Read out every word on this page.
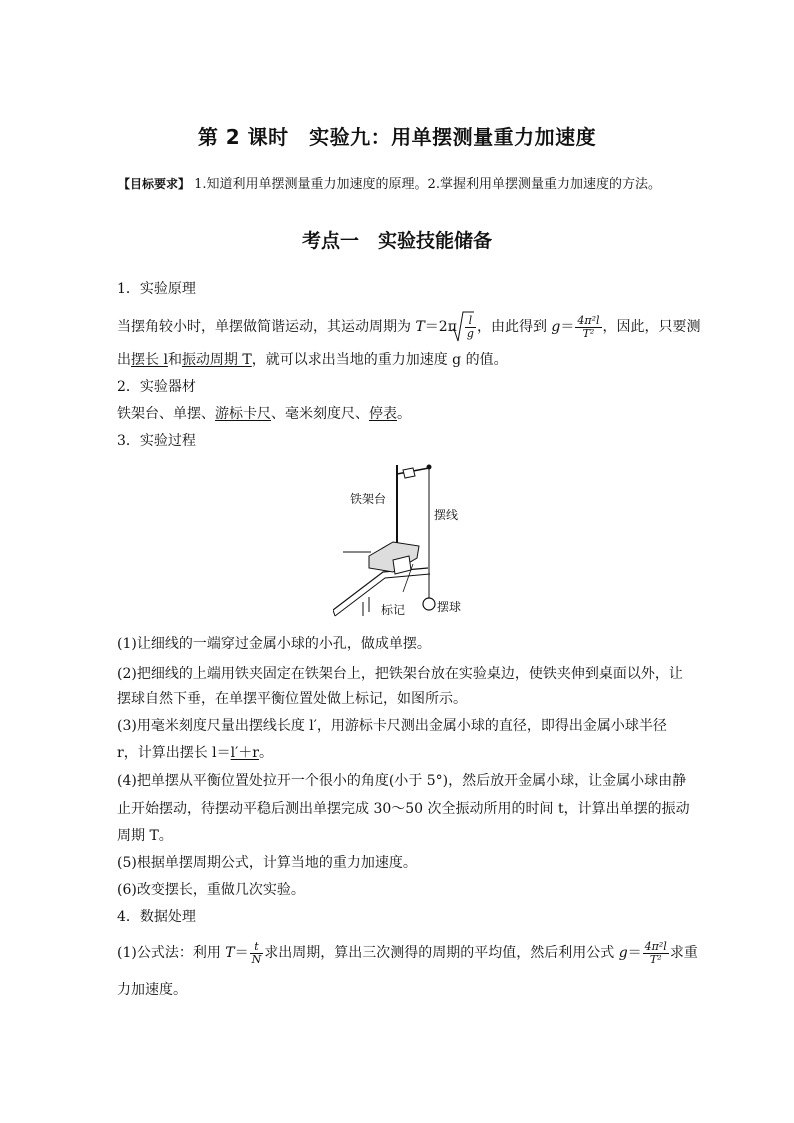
第 2 课时　实验九：用单摆测量重力加速度
【目标要求】 1.知道利用单摆测量重力加速度的原理。2.掌握利用单摆测量重力加速度的方法。
考点一　实验技能储备
1．实验原理
当摆角较小时，单摆做简谐运动，其运动周期为 $T=2\pi \frac{l}{g}$ ，由此得到 $g= \frac{\text{4π²l}}{\text{T²}}$ ，因此，只要测
出摆长 l和振动周期 T，就可以求出当地的重力加速度 g 的值。
2．实验器材
铁架台、单摆、游标卡尺、毫米刻度尺、停表。
3．实验过程
铁架台
摆线
标记	摆球
(1)让细线的一端穿过金属小球的小孔，做成单摆。
(2)把细线的上端用铁夹固定在铁架台上，把铁架台放在实验桌边，使铁夹伸到桌面以外，让
摆球自然下垂，在单摆平衡位置处做上标记，如图所示。
(3)用毫米刻度尺量出摆线长度 l′，用游标卡尺测出金属小球的直径，即得出金属小球半径
r，计算出摆长 l＝l′＋r。
(4)把单摆从平衡位置处拉开一个很小的角度(小于 5°)，然后放开金属小球，让金属小球由静
止开始摆动，待摆动平稳后测出单摆完成 30～50 次全振动所用的时间 t，计算出单摆的振动
周期 T。
(5)根据单摆周期公式，计算当地的重力加速度。
(6)改变摆长，重做几次实验。
4．数据处理
(1)公式法：利用 $T= \frac{t}{N}$ 求出周期，算出三次测得的周期的平均值，然后利用公式 $g= \frac{\text{4π²l}}{\text{T²}}$ 求重
力加速度。
